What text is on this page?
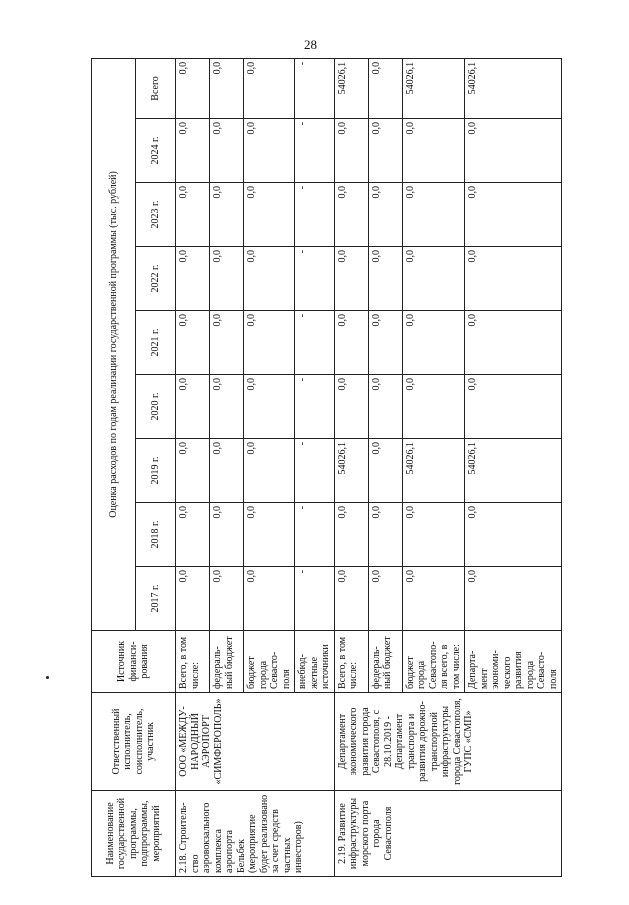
28
Наименование государственной программы, подпрограммы, мероприятий	Ответственный исполнитель, соисполнитель, участник	Источник финанси-рования	Оценка расходов по годам реализации государственной программы (тыс. рублей)								
			2017 г.	2018 г.	2019 г.	2020 г.	2021 г.	2022 г.	2023 г.	2024 г.	Всего
2.18. Строитель-ство аэровокзального комплекса аэропорта Бельбек (мероприятие будет реализовано за счет средств частных инвесторов)	ООО «МЕЖДУ-НАРОДНЫЙ АЭРОПОРТ «СИМФЕРОПОЛЬ»	Всего, в том числе:	0,0	0,0	0,0	0,0	0,0	0,0	0,0	0,0	0,0
		федераль-ный бюджет	0,0	0,0	0,0	0,0	0,0	0,0	0,0	0,0	0,0
		бюджет города Севасто-поля	0,0	0,0	0,0	0,0	0,0	0,0	0,0	0,0	0,0
		внебюд-жетные источники	-	-	-	-	-	-	-	-	-
2.19. Развитие инфраструктуры морского порта города Севастополя	Департамент экономического развития города Севастополя, с 28.10.2019 - Департамент транспорта и развития дорожно-транспортной инфраструктуры города Севастополя, ГУПС «СМП»	Всего, в том числе:	0,0	0,0	54026,1	0,0	0,0	0,0	0,0	0,0	54026,1
		федераль-ный бюджет	0,0	0,0	0,0	0,0	0,0	0,0	0,0	0,0	0,0
		бюджет города Севастопо-ля всего, в том числе:	0,0	0,0	54026,1	0,0	0,0	0,0	0,0	0,0	54026,1
		Департа-мент экономи-ческого развития города Севасто-поля	0,0	0,0	54026,1	0,0	0,0	0,0	0,0	0,0	54026,1
